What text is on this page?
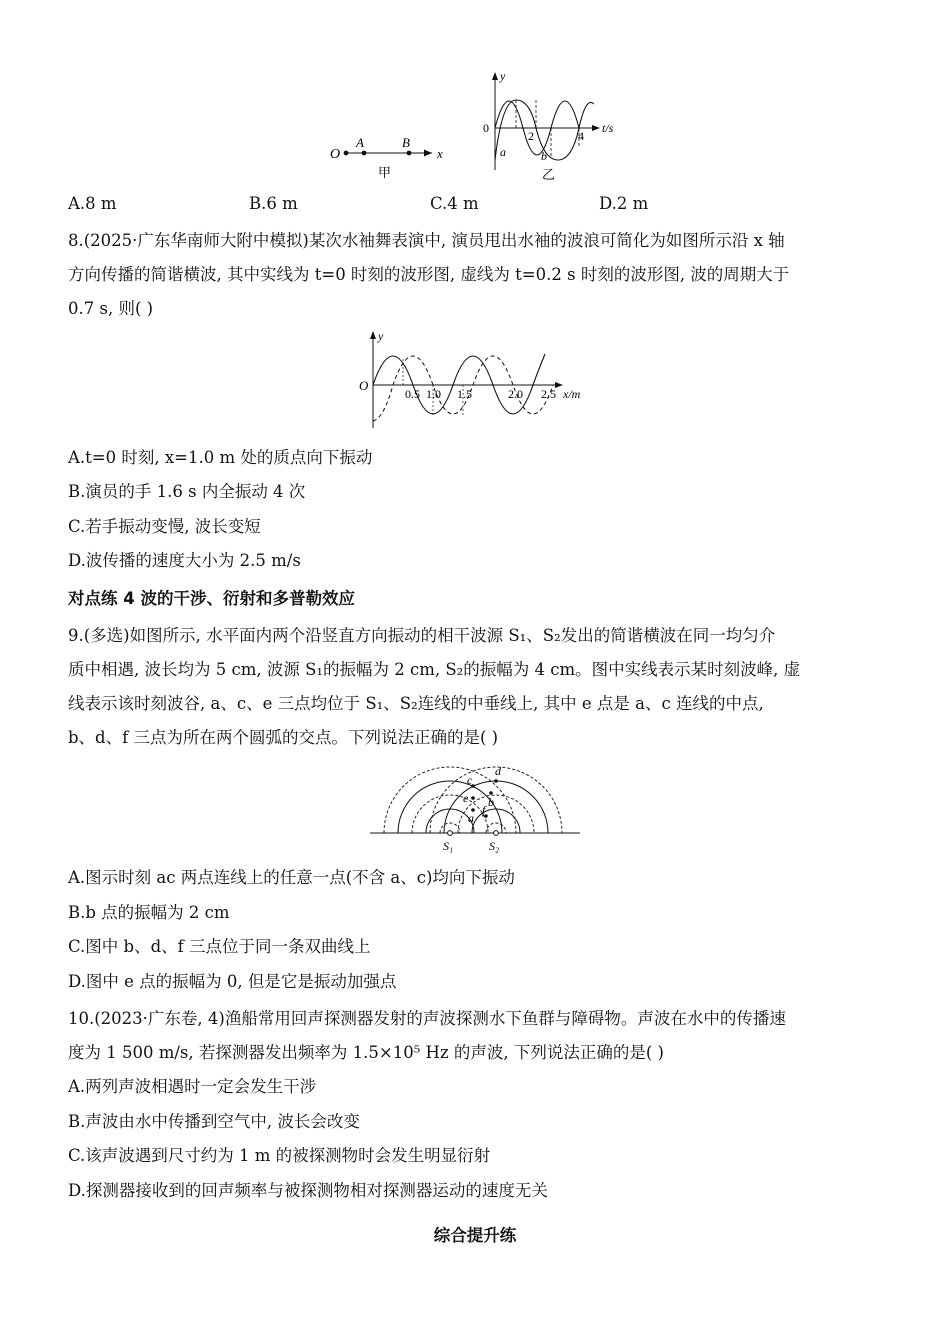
O
A	B
x
甲
y
t/s
0
2	4
a	b
乙
A.8 m	B.6 m	C.4 m	D.2 m
8.(2025·广东华南师大附中模拟)某次水袖舞表演中, 演员甩出水袖的波浪可简化为如图所示沿 x 轴
方向传播的简谐横波, 其中实线为 t=0 时刻的波形图, 虚线为 t=0.2 s 时刻的波形图, 波的周期大于
0.7 s, 则( )
y
O
0.5 1.0 1.5	2.0 2.5 x/m
A.t=0 时刻, x=1.0 m 处的质点向下振动
B.演员的手 1.6 s 内全振动 4 次
C.若手振动变慢, 波长变短
D.波传播的速度大小为 2.5 m/s
对点练 4 波的干涉、衍射和多普勒效应
9.(多选)如图所示, 水平面内两个沿竖直方向振动的相干波源 S₁、S₂发出的简谐横波在同一均匀介
质中相遇, 波长均为 5 cm, 波源 S₁的振幅为 2 cm, S₂的振幅为 4 cm。图中实线表示某时刻波峰, 虚
线表示该时刻波谷, a、c、e 三点均位于 S₁、S₂连线的中垂线上, 其中 e 点是 a、c 连线的中点,
b、d、f 三点为所在两个圆弧的交点。下列说法正确的是( )
c
d
e b
a
f
S₁	S₂
A.图示时刻 ac 两点连线上的任意一点(不含 a、c)均向下振动
B.b 点的振幅为 2 cm
C.图中 b、d、f 三点位于同一条双曲线上
D.图中 e 点的振幅为 0, 但是它是振动加强点
10.(2023·广东卷, 4)渔船常用回声探测器发射的声波探测水下鱼群与障碍物。声波在水中的传播速
度为 1 500 m/s, 若探测器发出频率为 1.5×10⁵ Hz 的声波, 下列说法正确的是( )
A.两列声波相遇时一定会发生干涉
B.声波由水中传播到空气中, 波长会改变
C.该声波遇到尺寸约为 1 m 的被探测物时会发生明显衍射
D.探测器接收到的回声频率与被探测物相对探测器运动的速度无关
综合提升练
